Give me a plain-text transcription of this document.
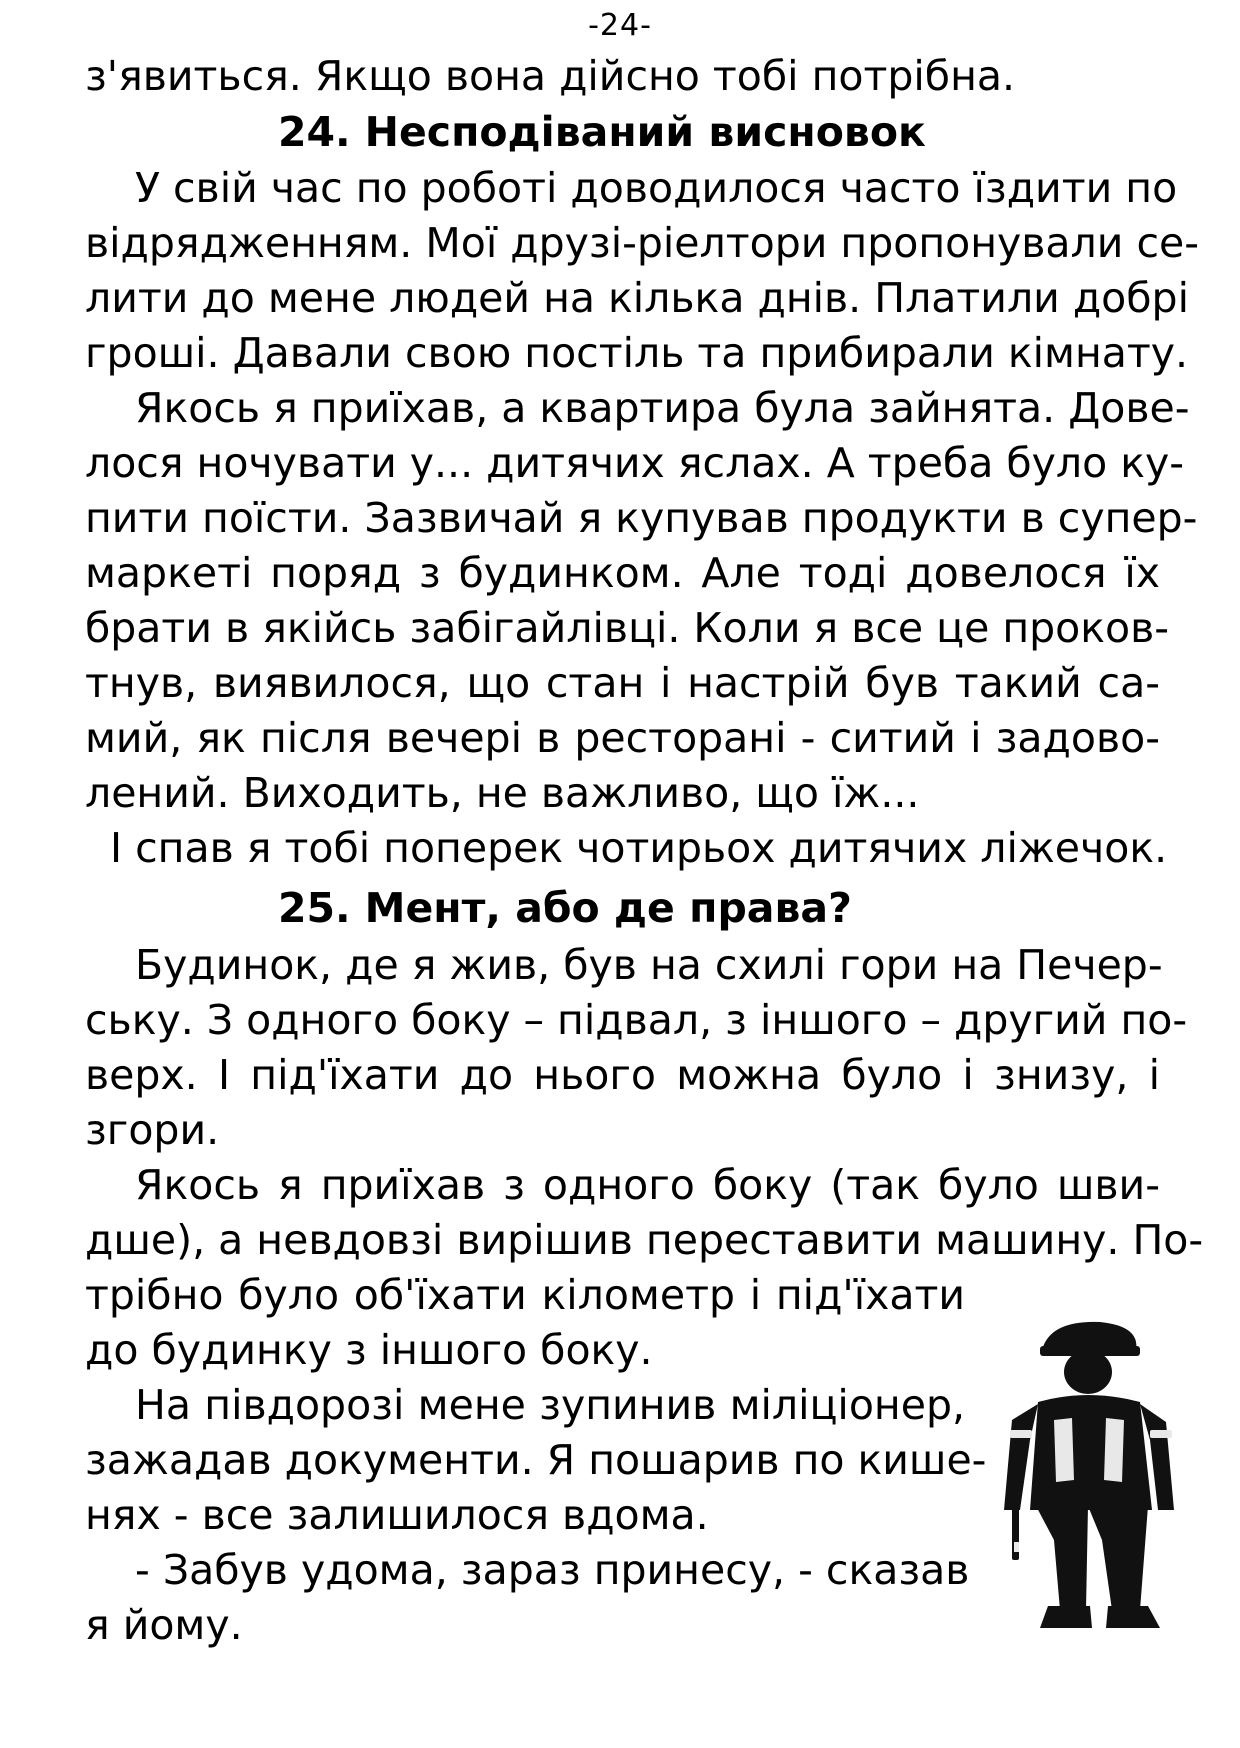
-24-
з'явиться. Якщо вона дійсно тобі потрібна.
24. Несподіваний висновок
У свій час по роботі доводилося часто їздити по
відрядженням. Мої друзі-ріелтори пропонували се-
лити до мене людей на кілька днів. Платили добрі
гроші. Давали свою постіль та прибирали кімнату.
Якось я приїхав, а квартира була зайнята. Дове-
лося ночувати у... дитячих яслах. А треба було ку-
пити поїсти. Зазвичай я купував продукти в супер-
маркеті поряд з будинком. Але тоді довелося їх
брати в якійсь забігайлівці. Коли я все це проков-
тнув, виявилося, що стан і настрій був такий са-
мий, як після вечері в ресторані - ситий і задово-
лений. Виходить, не важливо, що їж...
І спав я тобі поперек чотирьох дитячих ліжечок.
25. Мент, або де права?
Будинок, де я жив, був на схилі гори на Печер-
ську. З одного боку – підвал, з іншого – другий по-
верх. І під'їхати до нього можна було і знизу, і
згори.
Якось я приїхав з одного боку (так було шви-
дше), а невдовзі вирішив переставити машину. По-
трібно було об'їхати кілометр і під'їхати
до будинку з іншого боку.
На півдорозі мене зупинив міліціонер,
зажадав документи. Я пошарив по кише-
нях - все залишилося вдома.
- Забув удома, зараз принесу, - сказав
я йому.
